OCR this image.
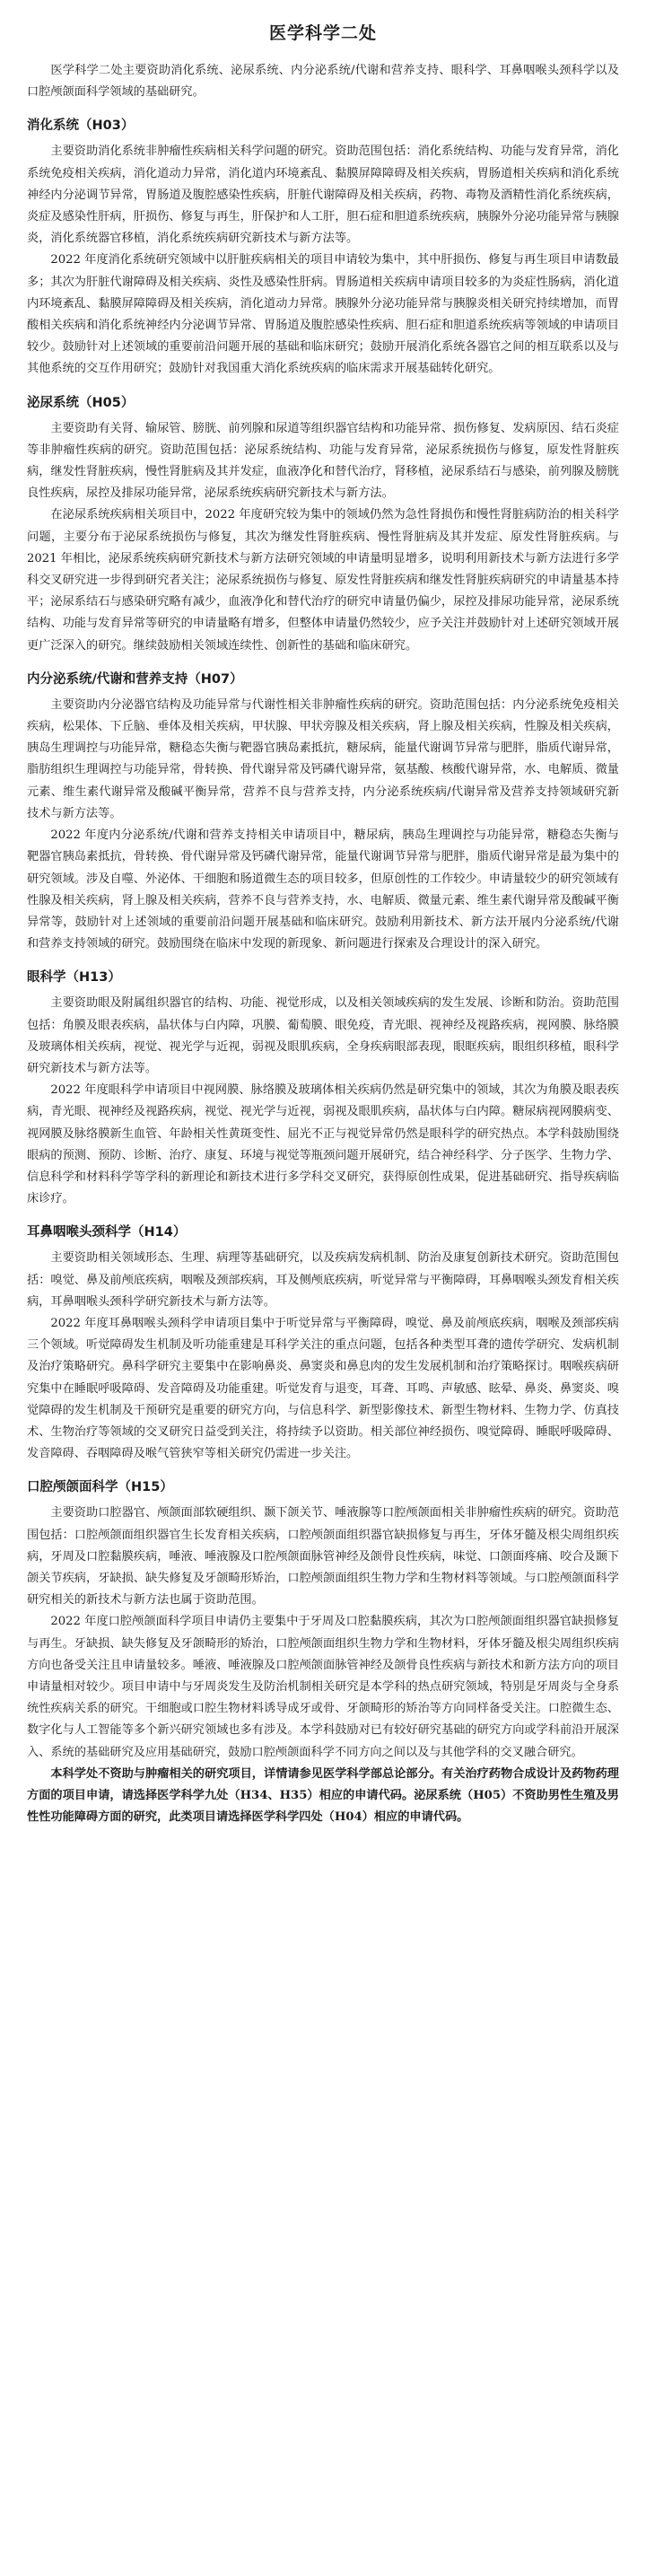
医学科学二处

医学科学二处主要资助消化系统、泌尿系统、内分泌系统/代谢和营养支持、眼科学、耳鼻咽喉头颈科学以及口腔颅颌面科学领域的基础研究。

消化系统（H03）

主要资助消化系统非肿瘤性疾病相关科学问题的研究。资助范围包括：消化系统结构、功能与发育异常，消化系统免疫相关疾病，消化道动力异常，消化道内环境紊乱、黏膜屏障障碍及相关疾病，胃肠道相关疾病和消化系统神经内分泌调节异常，胃肠道及腹腔感染性疾病，肝脏代谢障碍及相关疾病，药物、毒物及酒精性消化系统疾病，炎症及感染性肝病，肝损伤、修复与再生，肝保护和人工肝，胆石症和胆道系统疾病，胰腺外分泌功能异常与胰腺炎，消化系统器官移植，消化系统疾病研究新技术与新方法等。

2022 年度消化系统研究领域中以肝脏疾病相关的项目申请较为集中，其中肝损伤、修复与再生项目申请数最多；其次为肝脏代谢障碍及相关疾病、炎性及感染性肝病。胃肠道相关疾病申请项目较多的为炎症性肠病，消化道内环境紊乱、黏膜屏障障碍及相关疾病，消化道动力异常。胰腺外分泌功能异常与胰腺炎相关研究持续增加，而胃酸相关疾病和消化系统神经内分泌调节异常、胃肠道及腹腔感染性疾病、胆石症和胆道系统疾病等领域的申请项目较少。鼓励针对上述领域的重要前沿问题开展的基础和临床研究；鼓励开展消化系统各器官之间的相互联系以及与其他系统的交互作用研究；鼓励针对我国重大消化系统疾病的临床需求开展基础转化研究。

泌尿系统（H05）

主要资助有关肾、输尿管、膀胱、前列腺和尿道等组织器官结构和功能异常、损伤修复、发病原因、结石炎症等非肿瘤性疾病的研究。资助范围包括：泌尿系统结构、功能与发育异常，泌尿系统损伤与修复，原发性肾脏疾病，继发性肾脏疾病，慢性肾脏病及其并发症，血液净化和替代治疗，肾移植，泌尿系结石与感染，前列腺及膀胱良性疾病，尿控及排尿功能异常，泌尿系统疾病研究新技术与新方法。

在泌尿系统疾病相关项目中，2022 年度研究较为集中的领域仍然为急性肾损伤和慢性肾脏病防治的相关科学问题，主要分布于泌尿系统损伤与修复，其次为继发性肾脏疾病、慢性肾脏病及其并发症、原发性肾脏疾病。与 2021 年相比，泌尿系统疾病研究新技术与新方法研究领域的申请量明显增多，说明利用新技术与新方法进行多学科交叉研究进一步得到研究者关注；泌尿系统损伤与修复、原发性肾脏疾病和继发性肾脏疾病研究的申请量基本持平；泌尿系结石与感染研究略有减少，血液净化和替代治疗的研究申请量仍偏少，尿控及排尿功能异常，泌尿系统结构、功能与发育异常等研究的申请量略有增多，但整体申请量仍然较少，应予关注并鼓励针对上述研究领域开展更广泛深入的研究。继续鼓励相关领域连续性、创新性的基础和临床研究。

内分泌系统/代谢和营养支持（H07）

主要资助内分泌器官结构及功能异常与代谢性相关非肿瘤性疾病的研究。资助范围包括：内分泌系统免疫相关疾病，松果体、下丘脑、垂体及相关疾病，甲状腺、甲状旁腺及相关疾病，肾上腺及相关疾病，性腺及相关疾病，胰岛生理调控与功能异常，糖稳态失衡与靶器官胰岛素抵抗，糖尿病，能量代谢调节异常与肥胖，脂质代谢异常，脂肪组织生理调控与功能异常，骨转换、骨代谢异常及钙磷代谢异常，氨基酸、核酸代谢异常，水、电解质、微量元素、维生素代谢异常及酸碱平衡异常，营养不良与营养支持，内分泌系统疾病/代谢异常及营养支持领域研究新技术与新方法等。

2022 年度内分泌系统/代谢和营养支持相关申请项目中，糖尿病，胰岛生理调控与功能异常，糖稳态失衡与靶器官胰岛素抵抗，骨转换、骨代谢异常及钙磷代谢异常，能量代谢调节异常与肥胖，脂质代谢异常是最为集中的研究领域。涉及自噬、外泌体、干细胞和肠道微生态的项目较多，但原创性的工作较少。申请量较少的研究领域有性腺及相关疾病，肾上腺及相关疾病，营养不良与营养支持，水、电解质、微量元素、维生素代谢异常及酸碱平衡异常等，鼓励针对上述领域的重要前沿问题开展基础和临床研究。鼓励利用新技术、新方法开展内分泌系统/代谢和营养支持领域的研究。鼓励围绕在临床中发现的新现象、新问题进行探索及合理设计的深入研究。

眼科学（H13）

主要资助眼及附属组织器官的结构、功能、视觉形成，以及相关领域疾病的发生发展、诊断和防治。资助范围包括：角膜及眼表疾病，晶状体与白内障，巩膜、葡萄膜、眼免疫，青光眼、视神经及视路疾病，视网膜、脉络膜及玻璃体相关疾病，视觉、视光学与近视，弱视及眼肌疾病，全身疾病眼部表现，眼眶疾病，眼组织移植，眼科学研究新技术与新方法等。

2022 年度眼科学申请项目中视网膜、脉络膜及玻璃体相关疾病仍然是研究集中的领域，其次为角膜及眼表疾病，青光眼、视神经及视路疾病，视觉、视光学与近视，弱视及眼肌疾病，晶状体与白内障。糖尿病视网膜病变、视网膜及脉络膜新生血管、年龄相关性黄斑变性、屈光不正与视觉异常仍然是眼科学的研究热点。本学科鼓励围绕眼病的预测、预防、诊断、治疗、康复、环境与视觉等瓶颈问题开展研究，结合神经科学、分子医学、生物力学、信息科学和材料科学等学科的新理论和新技术进行多学科交叉研究，获得原创性成果，促进基础研究、指导疾病临床诊疗。

耳鼻咽喉头颈科学（H14）

主要资助相关领域形态、生理、病理等基础研究，以及疾病发病机制、防治及康复创新技术研究。资助范围包括：嗅觉、鼻及前颅底疾病，咽喉及颈部疾病，耳及侧颅底疾病，听觉异常与平衡障碍，耳鼻咽喉头颈发育相关疾病，耳鼻咽喉头颈科学研究新技术与新方法等。

2022 年度耳鼻咽喉头颈科学申请项目集中于听觉异常与平衡障碍，嗅觉、鼻及前颅底疾病，咽喉及颈部疾病三个领域。听觉障碍发生机制及听功能重建是耳科学关注的重点问题，包括各种类型耳聋的遗传学研究、发病机制及治疗策略研究。鼻科学研究主要集中在影响鼻炎、鼻窦炎和鼻息肉的发生发展机制和治疗策略探讨。咽喉疾病研究集中在睡眠呼吸障碍、发音障碍及功能重建。听觉发育与退变，耳聋、耳鸣、声敏感、眩晕、鼻炎、鼻窦炎、嗅觉障碍的发生机制及干预研究是重要的研究方向，与信息科学、新型影像技术、新型生物材料、生物力学、仿真技术、生物治疗等领域的交叉研究日益受到关注，将持续予以资助。相关部位神经损伤、嗅觉障碍、睡眠呼吸障碍、发音障碍、吞咽障碍及喉气管狭窄等相关研究仍需进一步关注。

口腔颅颌面科学（H15）

主要资助口腔器官、颅颌面部软硬组织、颞下颌关节、唾液腺等口腔颅颌面相关非肿瘤性疾病的研究。资助范围包括：口腔颅颌面组织器官生长发育相关疾病，口腔颅颌面组织器官缺损修复与再生，牙体牙髓及根尖周组织疾病，牙周及口腔黏膜疾病，唾液、唾液腺及口腔颅颌面脉管神经及颌骨良性疾病，味觉、口颌面疼痛、咬合及颞下颌关节疾病，牙缺损、缺失修复及牙颌畸形矫治，口腔颅颌面组织生物力学和生物材料等领域。与口腔颅颌面科学研究相关的新技术与新方法也属于资助范围。

2022 年度口腔颅颌面科学项目申请仍主要集中于牙周及口腔黏膜疾病，其次为口腔颅颌面组织器官缺损修复与再生。牙缺损、缺失修复及牙颌畸形的矫治，口腔颅颌面组织生物力学和生物材料，牙体牙髓及根尖周组织疾病方向也备受关注且申请量较多。唾液、唾液腺及口腔颅颌面脉管神经及颌骨良性疾病与新技术和新方法方向的项目申请量相对较少。项目申请中与牙周炎发生及防治机制相关研究是本学科的热点研究领域，特别是牙周炎与全身系统性疾病关系的研究。干细胞或口腔生物材料诱导成牙或骨、牙颌畸形的矫治等方向同样备受关注。口腔微生态、数字化与人工智能等多个新兴研究领域也多有涉及。本学科鼓励对已有较好研究基础的研究方向或学科前沿开展深入、系统的基础研究及应用基础研究，鼓励口腔颅颌面科学不同方向之间以及与其他学科的交叉融合研究。

本科学处不资助与肿瘤相关的研究项目，详情请参见医学科学部总论部分。有关治疗药物合成设计及药物药理方面的项目申请，请选择医学科学九处（H34、H35）相应的申请代码。泌尿系统（H05）不资助男性生殖及男性性功能障碍方面的研究，此类项目请选择医学科学四处（H04）相应的申请代码。
